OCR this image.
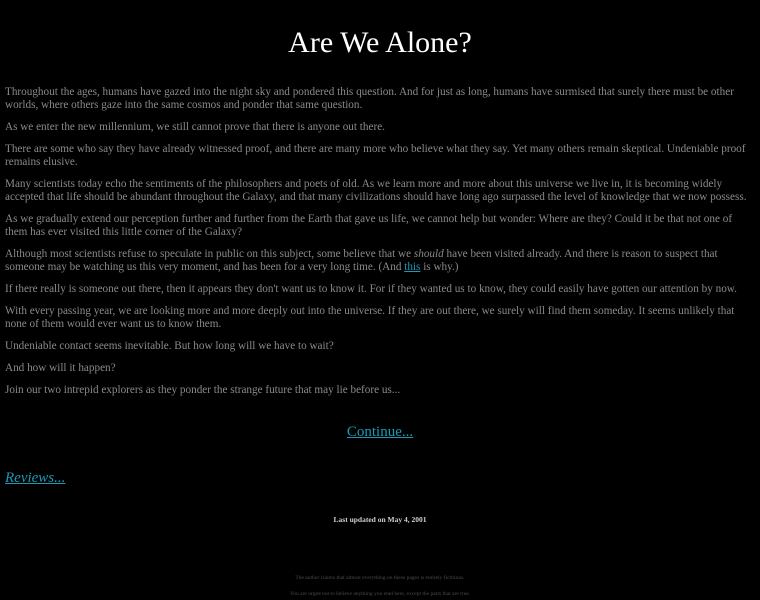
Are We Alone?

Throughout the ages, humans have gazed into the night sky and pondered this question. And for just as long, humans have surmised that surely there must be other worlds, where others gaze into the same cosmos and ponder that same question.

As we enter the new millennium, we still cannot prove that there is anyone out there.

There are some who say they have already witnessed proof, and there are many more who believe what they say. Yet many others remain skeptical. Undeniable proof remains elusive.

Many scientists today echo the sentiments of the philosophers and poets of old. As we learn more and more about this universe we live in, it is becoming widely accepted that life should be abundant throughout the Galaxy, and that many civilizations should have long ago surpassed the level of knowledge that we now possess.

As we gradually extend our perception further and further from the Earth that gave us life, we cannot help but wonder: Where are they? Could it be that not one of them has ever visited this little corner of the Galaxy?

Although most scientists refuse to speculate in public on this subject, some believe that we should have been visited already. And there is reason to suspect that someone may be watching us this very moment, and has been for a very long time. (And this is why.)

If there really is someone out there, then it appears they don't want us to know it. For if they wanted us to know, they could easily have gotten our attention by now.

With every passing year, we are looking more and more deeply out into the universe. If they are out there, we surely will find them someday. It seems unlikely that none of them would ever want us to know them.

Undeniable contact seems inevitable. But how long will we have to wait?

And how will it happen?

Join our two intrepid explorers as they ponder the strange future that may lie before us...

Continue...
Reviews...
Last updated on May 4, 2001
The author claims that almost everything on these pages is entirely fictitious.
You are urged not to believe anything you read here, except the parts that are true.
